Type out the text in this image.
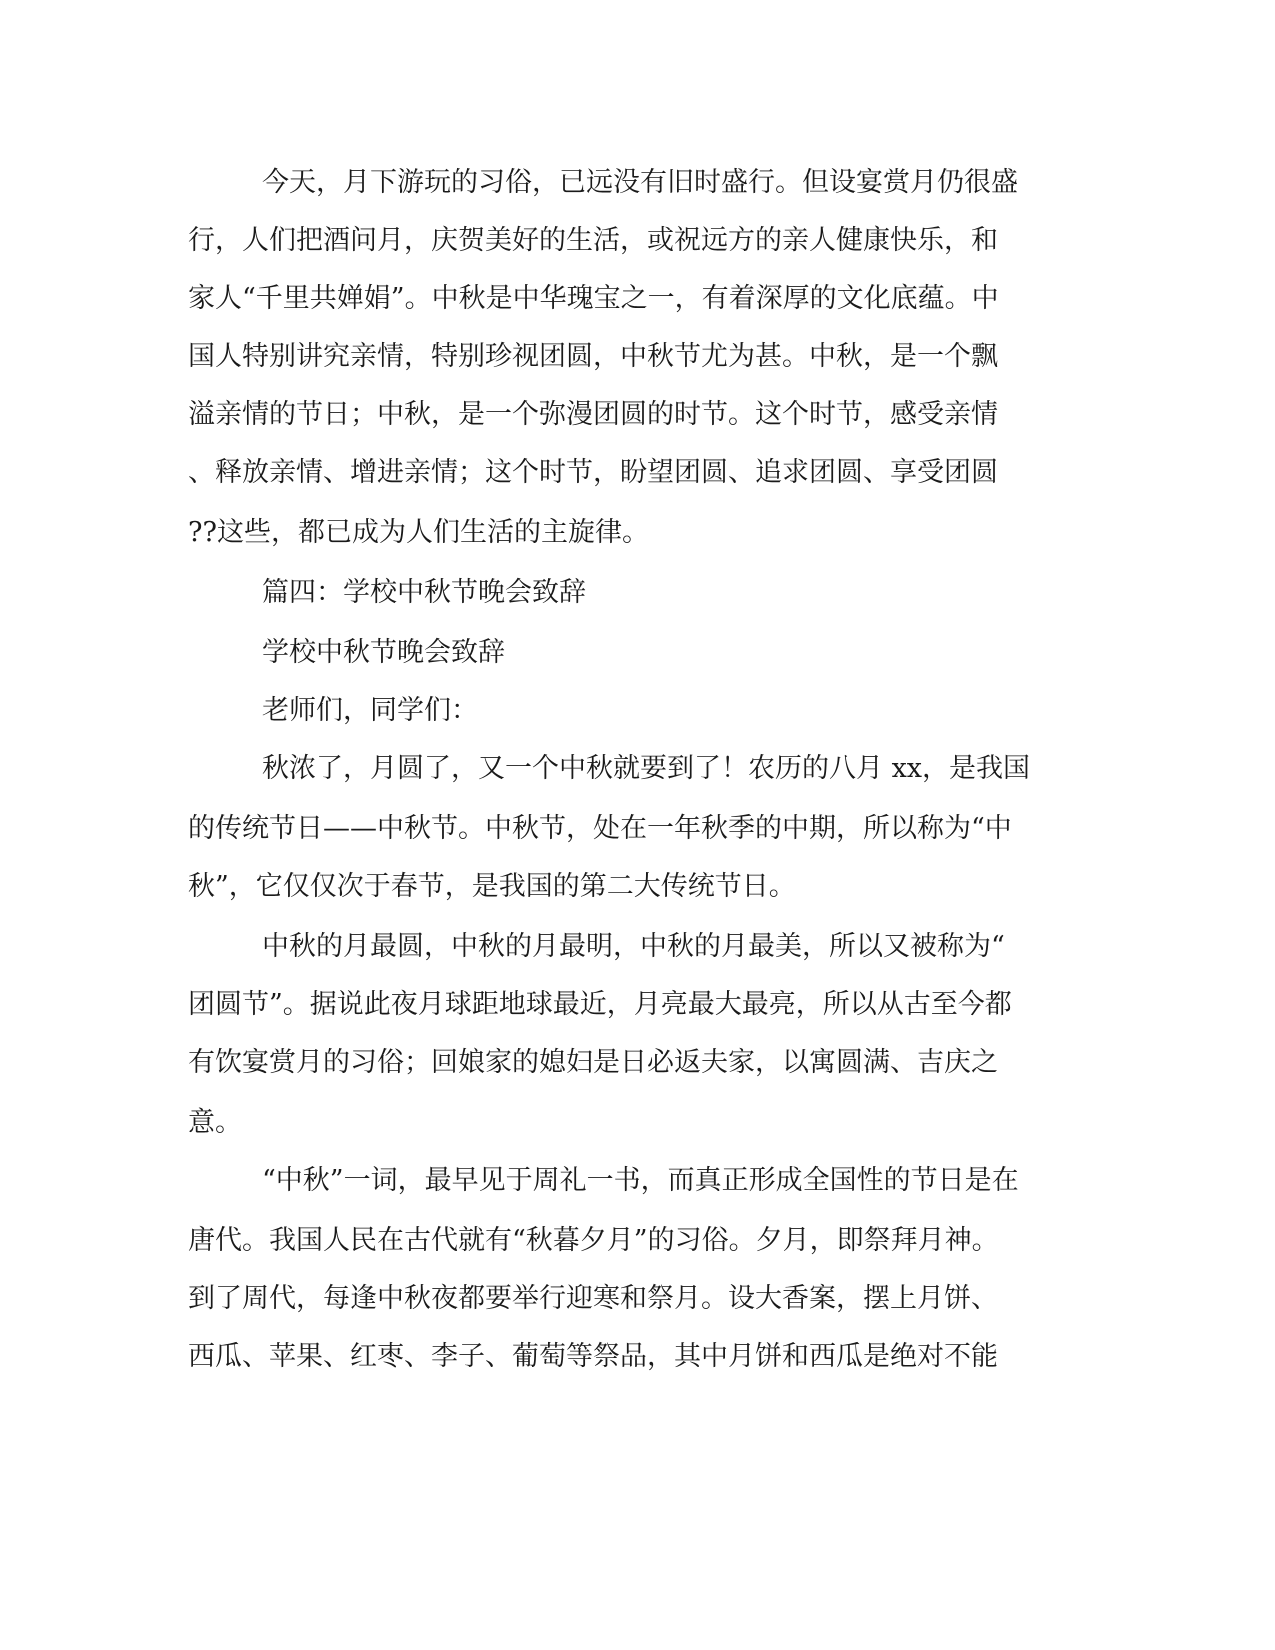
今天，月下游玩的习俗，已远没有旧时盛行。但设宴赏月仍很盛

行，人们把酒问月，庆贺美好的生活，或祝远方的亲人健康快乐，和

家人“千里共婵娟”。中秋是中华瑰宝之一，有着深厚的文化底蕴。中

国人特别讲究亲情，特别珍视团圆，中秋节尤为甚。中秋，是一个飘

溢亲情的节日；中秋，是一个弥漫团圆的时节。这个时节，感受亲情

、释放亲情、增进亲情；这个时节，盼望团圆、追求团圆、享受团圆

??这些，都已成为人们生活的主旋律。

篇四：学校中秋节晚会致辞

学校中秋节晚会致辞

老师们，同学们：

秋浓了，月圆了，又一个中秋就要到了！农历的八月 xx，是我国

的传统节日——中秋节。中秋节，处在一年秋季的中期，所以称为“中

秋”，它仅仅次于春节，是我国的第二大传统节日。

中秋的月最圆，中秋的月最明，中秋的月最美，所以又被称为“

团圆节”。据说此夜月球距地球最近，月亮最大最亮，所以从古至今都

有饮宴赏月的习俗；回娘家的媳妇是日必返夫家，以寓圆满、吉庆之

意。

“中秋”一词，最早见于周礼一书，而真正形成全国性的节日是在

唐代。我国人民在古代就有“秋暮夕月”的习俗。夕月，即祭拜月神。

到了周代，每逢中秋夜都要举行迎寒和祭月。设大香案，摆上月饼、

西瓜、苹果、红枣、李子、葡萄等祭品，其中月饼和西瓜是绝对不能
